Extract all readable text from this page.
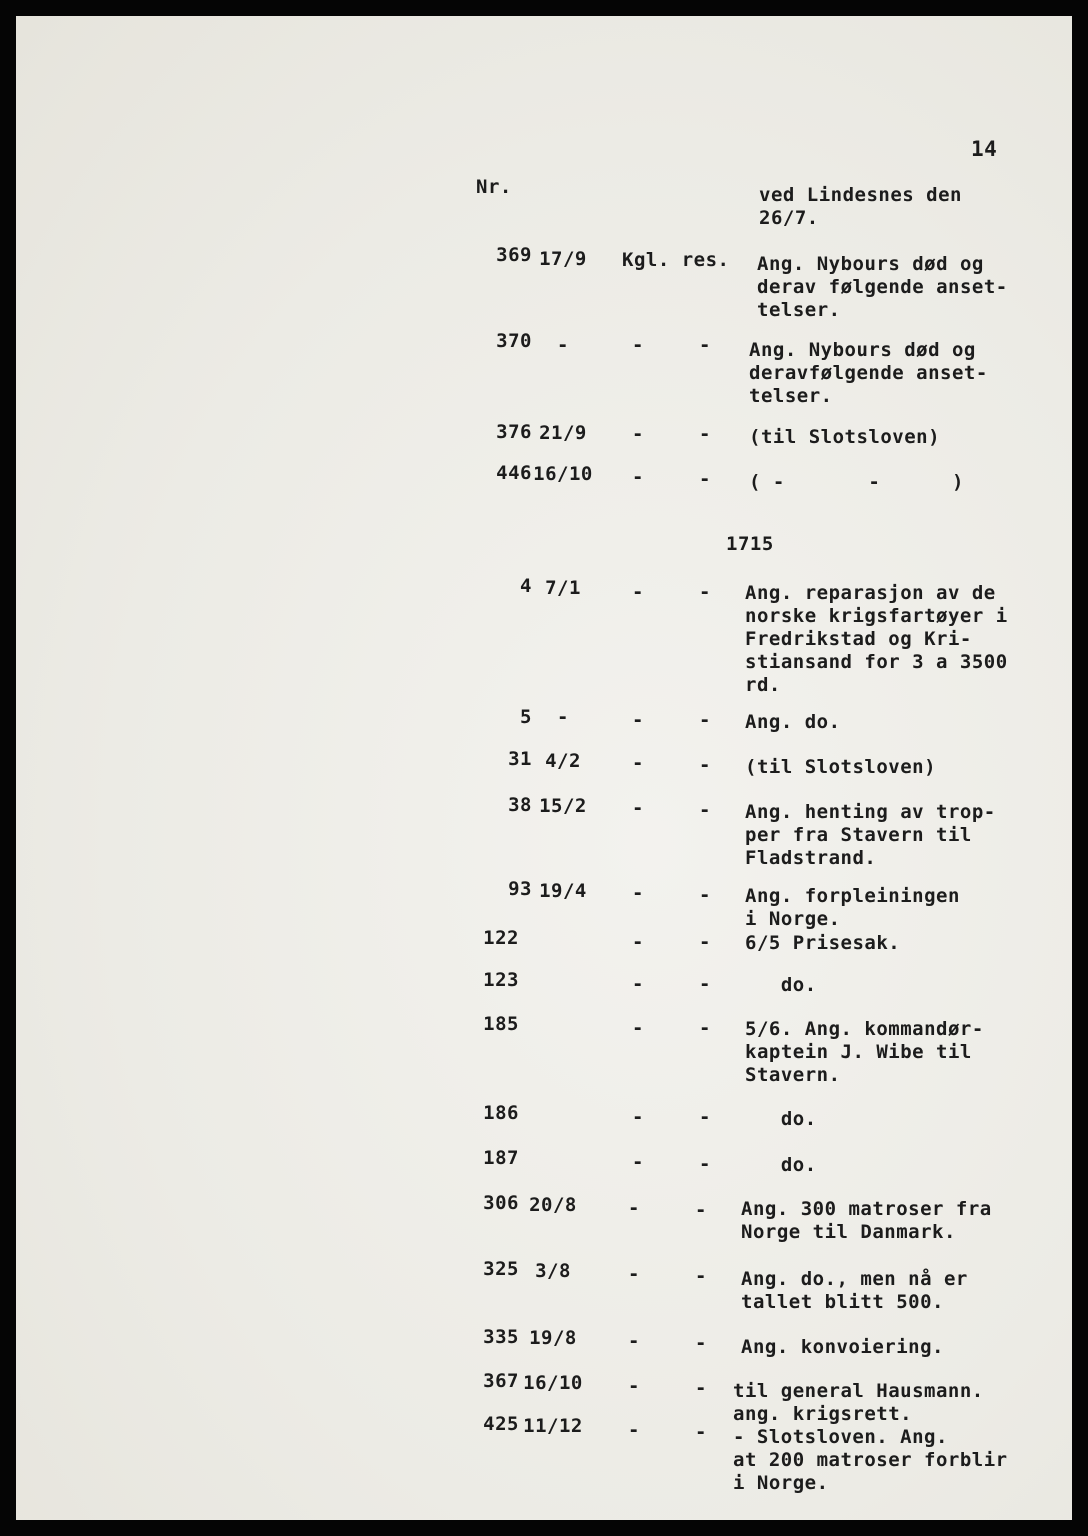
14
Nr.	ved Lindesnes den
26/7.
369 17/9	Kgl. res. Ang. Nybours død og
derav følgende anset-
telser.
370	-	-	-	Ang. Nybours død og
deravfølgende anset-
telser.
376 21/9	-	-	(til Slotsloven)
446 16/10	-	-	( -       -      )
1715
4 7/1	-	-	Ang. reparasjon av de
norske krigsfartøyer i
Fredrikstad og Kri-
stiansand for 3 a 3500
rd.
5	-	-	-	Ang. do.
31 4/2	-	-	(til Slotsloven)
38 15/2	-	-	Ang. henting av trop-
per fra Stavern til
Fladstrand.
93 19/4	-	-	Ang. forpleiningen
i Norge.
122	-	-	6/5 Prisesak.
123	-	-	do.
185	-	-	5/6. Ang. kommandør-
kaptein J. Wibe til
Stavern.
186	-	-	do.
187	-	-	do.
306 20/8	-	-	Ang. 300 matroser fra
Norge til Danmark.
325 3/8	-	-	Ang. do., men nå er
tallet blitt 500.
335 19/8	-	-	Ang. konvoiering.
367 16/10	-	-	til general Hausmann.
ang. krigsrett.
425 11/12	-	-	- Slotsloven. Ang.
at 200 matroser forblir
i Norge.
